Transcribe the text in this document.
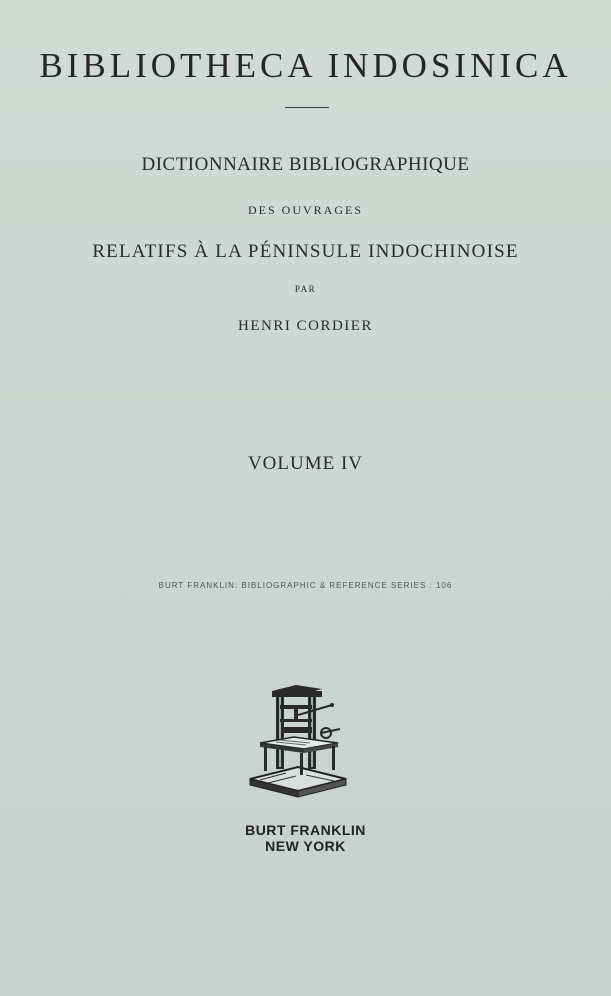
BIBLIOTHECA INDOSINICA
DICTIONNAIRE BIBLIOGRAPHIQUE
DES OUVRAGES
RELATIFS À LA PÉNINSULE INDOCHINOISE
PAR
HENRI CORDIER
VOLUME IV
BURT FRANKLIN: BIBLIOGRAPHIC & REFERENCE SERIES : 106
BURT FRANKLIN
NEW YORK
